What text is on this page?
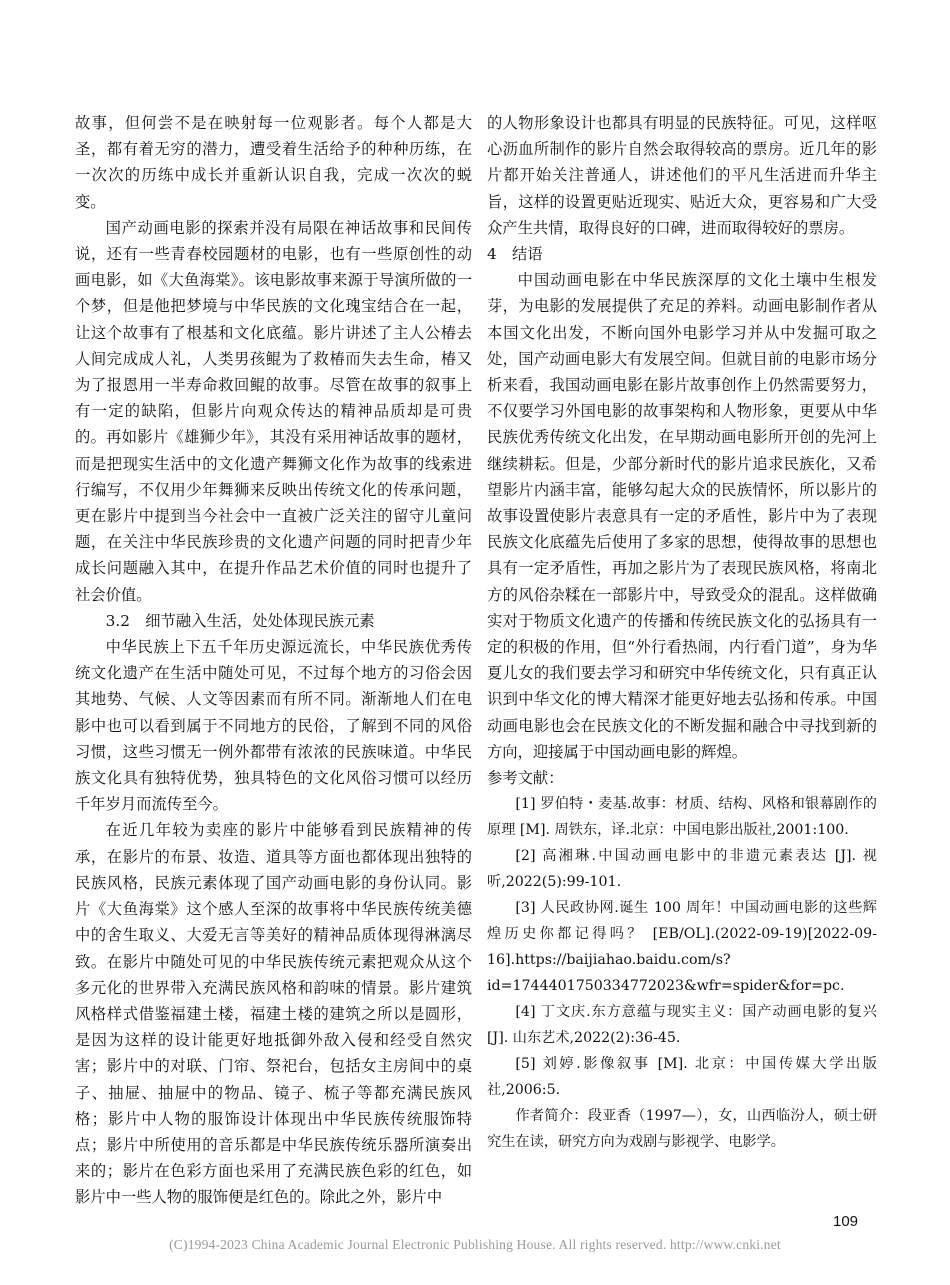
故事，但何尝不是在映射每一位观影者。每个人都是大圣，都有着无穷的潜力，遭受着生活给予的种种历练，在一次次的历练中成长并重新认识自我，完成一次次的蜕变。

国产动画电影的探索并没有局限在神话故事和民间传说，还有一些青春校园题材的电影，也有一些原创性的动画电影，如《大鱼海棠》。该电影故事来源于导演所做的一个梦，但是他把梦境与中华民族的文化瑰宝结合在一起，让这个故事有了根基和文化底蕴。影片讲述了主人公椿去人间完成成人礼，人类男孩鲲为了救椿而失去生命，椿又为了报恩用一半寿命救回鲲的故事。尽管在故事的叙事上有一定的缺陷，但影片向观众传达的精神品质却是可贵的。再如影片《雄狮少年》，其没有采用神话故事的题材，而是把现实生活中的文化遗产舞狮文化作为故事的线索进行编写，不仅用少年舞狮来反映出传统文化的传承问题，更在影片中提到当今社会中一直被广泛关注的留守儿童问题，在关注中华民族珍贵的文化遗产问题的同时把青少年成长问题融入其中，在提升作品艺术价值的同时也提升了社会价值。

3.2　细节融入生活，处处体现民族元素

中华民族上下五千年历史源远流长，中华民族优秀传统文化遗产在生活中随处可见，不过每个地方的习俗会因其地势、气候、人文等因素而有所不同。渐渐地人们在电影中也可以看到属于不同地方的民俗，了解到不同的风俗习惯，这些习惯无一例外都带有浓浓的民族味道。中华民族文化具有独特优势，独具特色的文化风俗习惯可以经历千年岁月而流传至今。

在近几年较为卖座的影片中能够看到民族精神的传承，在影片的布景、妆造、道具等方面也都体现出独特的民族风格，民族元素体现了国产动画电影的身份认同。影片《大鱼海棠》这个感人至深的故事将中华民族传统美德中的舍生取义、大爱无言等美好的精神品质体现得淋漓尽致。在影片中随处可见的中华民族传统元素把观众从这个多元化的世界带入充满民族风格和韵味的情景。影片建筑风格样式借鉴福建土楼，福建土楼的建筑之所以是圆形，是因为这样的设计能更好地抵御外敌入侵和经受自然灾害；影片中的对联、门帘、祭祀台，包括女主房间中的桌子、抽屉、抽屉中的物品、镜子、梳子等都充满民族风格；影片中人物的服饰设计体现出中华民族传统服饰特点；影片中所使用的音乐都是中华民族传统乐器所演奏出来的；影片在色彩方面也采用了充满民族色彩的红色，如影片中一些人物的服饰便是红色的。除此之外，影片中

的人物形象设计也都具有明显的民族特征。可见，这样呕心沥血所制作的影片自然会取得较高的票房。近几年的影片都开始关注普通人，讲述他们的平凡生活进而升华主旨，这样的设置更贴近现实、贴近大众，更容易和广大受众产生共情，取得良好的口碑，进而取得较好的票房。

4　结语

中国动画电影在中华民族深厚的文化土壤中生根发芽，为电影的发展提供了充足的养料。动画电影制作者从本国文化出发，不断向国外电影学习并从中发掘可取之处，国产动画电影大有发展空间。但就目前的电影市场分析来看，我国动画电影在影片故事创作上仍然需要努力，不仅要学习外国电影的故事架构和人物形象，更要从中华民族优秀传统文化出发，在早期动画电影所开创的先河上继续耕耘。但是，少部分新时代的影片追求民族化，又希望影片内涵丰富，能够勾起大众的民族情怀，所以影片的故事设置使影片表意具有一定的矛盾性，影片中为了表现民族文化底蕴先后使用了多家的思想，使得故事的思想也具有一定矛盾性，再加之影片为了表现民族风格，将南北方的风俗杂糅在一部影片中，导致受众的混乱。这样做确实对于物质文化遗产的传播和传统民族文化的弘扬具有一定的积极的作用，但“外行看热闹，内行看门道”，身为华夏儿女的我们要去学习和研究中华传统文化，只有真正认识到中华文化的博大精深才能更好地去弘扬和传承。中国动画电影也会在民族文化的不断发掘和融合中寻找到新的方向，迎接属于中国动画电影的辉煌。

参考文献：

[1] 罗伯特・麦基.故事：材质、结构、风格和银幕剧作的原理 [M]. 周铁东，译.北京：中国电影出版社,2001:100.

[2] 高湘琳.中国动画电影中的非遗元素表达 [J]. 视听,2022(5):99-101.

[3] 人民政协网.诞生 100 周年！中国动画电影的这些辉煌历史你都记得吗？ [EB/OL].(2022-09-19)[2022-09-16].https://baijiahao.baidu.com/s?id=1744401750334772023&wfr=spider&for=pc.

[4] 丁文庆.东方意蕴与现实主义：国产动画电影的复兴 [J]. 山东艺术,2022(2):36-45.

[5] 刘婷.影像叙事 [M]. 北京：中国传媒大学出版社,2006:5.

作者简介：段亚香（1997—），女，山西临汾人，硕士研究生在读，研究方向为戏剧与影视学、电影学。

109
(C)1994-2023 China Academic Journal Electronic Publishing House. All rights reserved. http://www.cnki.net
